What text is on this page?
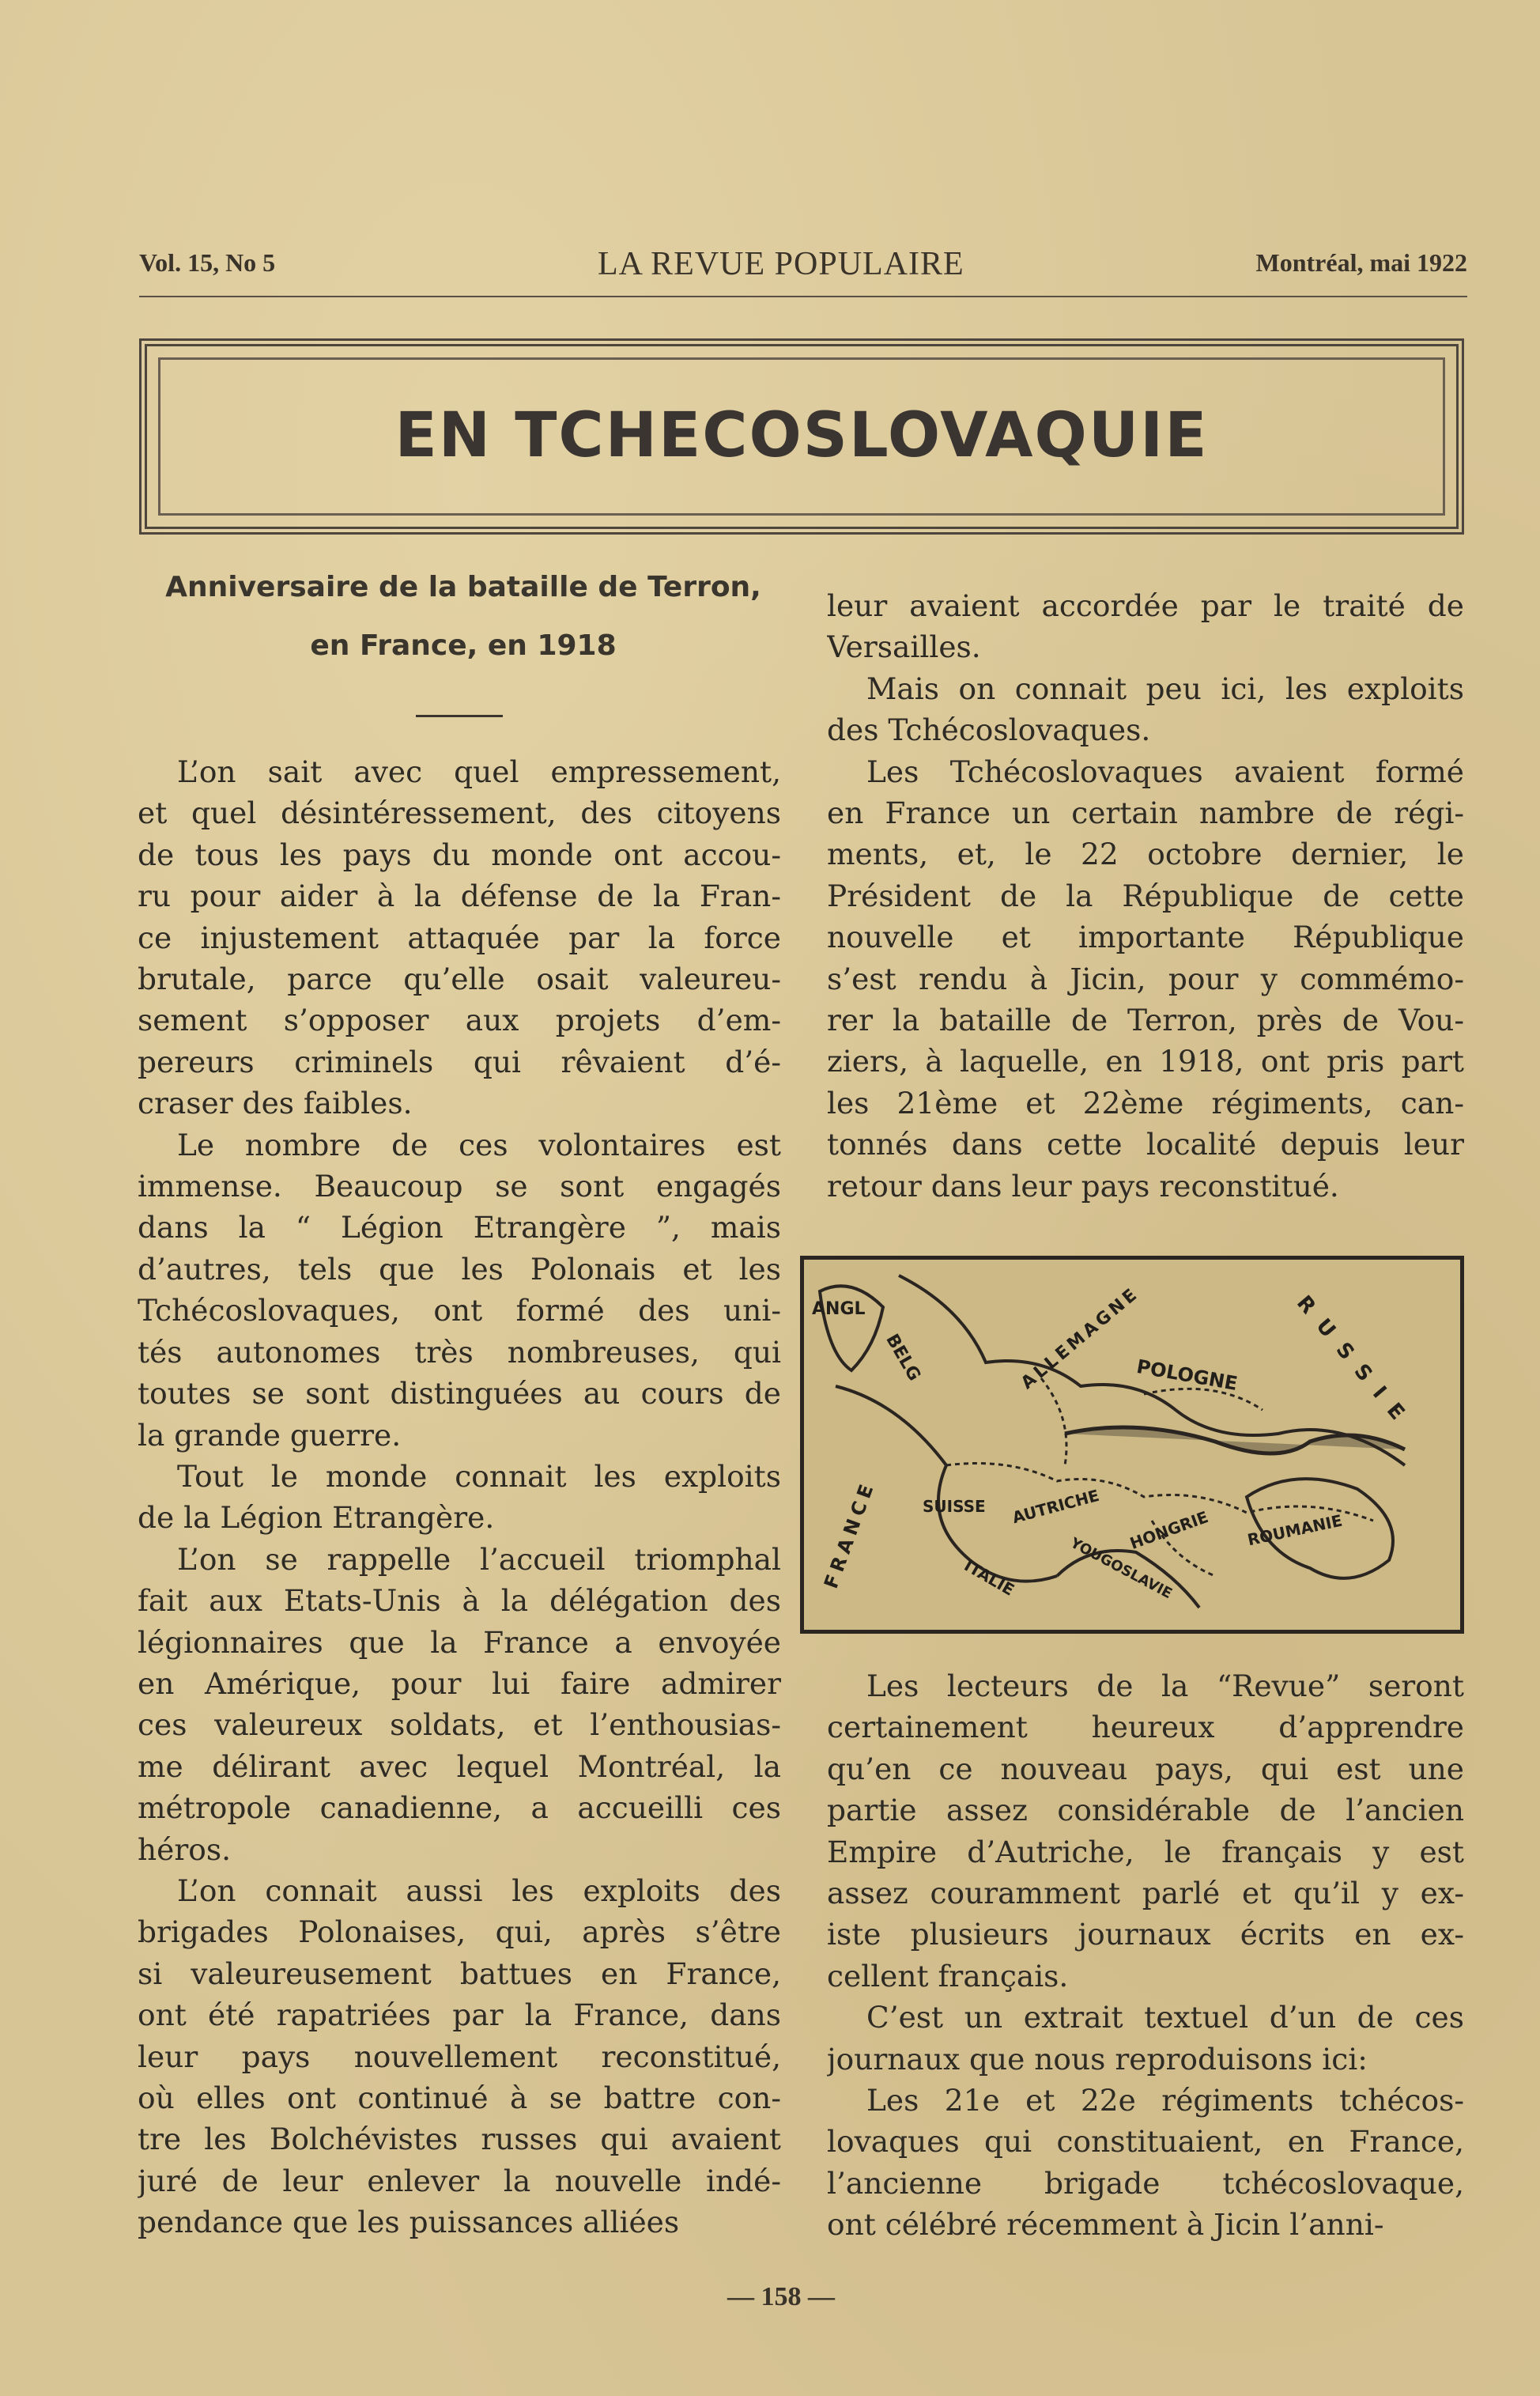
Vol. 15, No 5	LA REVUE POPULAIRE	Montréal, mai 1922
EN TCHECOSLOVAQUIE
Anniversaire de la bataille de Terron,
en France, en 1918
L’on sait avec quel empressement,
et quel désintéressement, des citoyens
de tous les pays du monde ont accou-
ru pour aider à la défense de la Fran-
ce injustement attaquée par la force
brutale, parce qu’elle osait valeureu-
sement s’opposer aux projets d’em-
pereurs criminels qui rêvaient d’é-
craser des faibles.
Le nombre de ces volontaires est
immense. Beaucoup se sont engagés
dans la “ Légion Etrangère ”, mais
d’autres, tels que les Polonais et les
Tchécoslovaques, ont formé des uni-
tés autonomes très nombreuses, qui
toutes se sont distinguées au cours de
la grande guerre.
Tout le monde connait les exploits
de la Légion Etrangère.
L’on se rappelle l’accueil triomphal
fait aux Etats-Unis à la délégation des
légionnaires que la France a envoyée
en Amérique, pour lui faire admirer
ces valeureux soldats, et l’enthousias-
me délirant avec lequel Montréal, la
métropole canadienne, a accueilli ces
héros.
L’on connait aussi les exploits des
brigades Polonaises, qui, après s’être
si valeureusement battues en France,
ont été rapatriées par la France, dans
leur pays nouvellement reconstitué,
où elles ont continué à se battre con-
tre les Bolchévistes russes qui avaient
juré de leur enlever la nouvelle indé-
pendance que les puissances alliées
leur avaient accordée par le traité de
Versailles.
Mais on connait peu ici, les exploits
des Tchécoslovaques.
Les Tchécoslovaques avaient formé
en France un certain nambre de régi-
ments, et, le 22 octobre dernier, le
Président de la République de cette
nouvelle et importante République
s’est rendu à Jicin, pour y commémo-
rer la bataille de Terron, près de Vou-
ziers, à laquelle, en 1918, ont pris part
les 21ème et 22ème régiments, can-
tonnés dans cette localité depuis leur
retour dans leur pays reconstitué.
ANGL	RUSSIE
POLOGNE
ALLEMAGNE
BELG
FRANCE	SUISSE AUTRICHE
HONGRIE ROUMANIE
ITALIE	YOUGOSLAVIE
Les lecteurs de la “Revue” seront
certainement heureux d’apprendre
qu’en ce nouveau pays, qui est une
partie assez considérable de l’ancien
Empire d’Autriche, le français y est
assez couramment parlé et qu’il y ex-
iste plusieurs journaux écrits en ex-
cellent français.
C’est un extrait textuel d’un de ces
journaux que nous reproduisons ici:
Les 21e et 22e régiments tchécos-
lovaques qui constituaient, en France,
l’ancienne brigade tchécoslovaque,
ont célébré récemment à Jicin l’anni-
— 158 —
